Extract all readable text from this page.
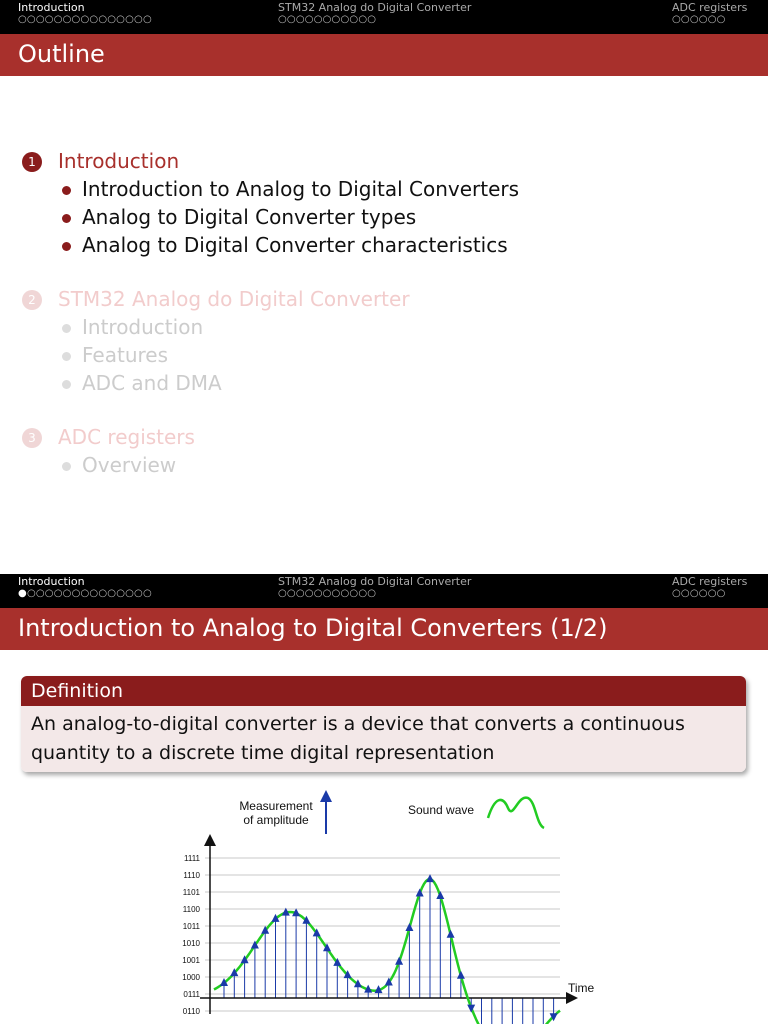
Introduction
○○○○○○○○○○○○○○○
STM32 Analog do Digital Converter
○○○○○○○○○○○
ADC registers
○○○○○○
Outline
1	Introduction
Introduction to Analog to Digital Converters
Analog to Digital Converter types
Analog to Digital Converter characteristics
2	STM32 Analog do Digital Converter
Introduction
Features
ADC and DMA
3	ADC registers
Overview
Introduction
●○○○○○○○○○○○○○○
STM32 Analog do Digital Converter
○○○○○○○○○○○
ADC registers
○○○○○○
Introduction to Analog to Digital Converters (1/2)
Definition
An analog-to-digital converter is a device that converts a continuous quantity to a discrete time digital representation
1111
1110
1101
1100
1011
1010
1001
1000
0111
0110
Measurement
of amplitude
Sound wave
Time
